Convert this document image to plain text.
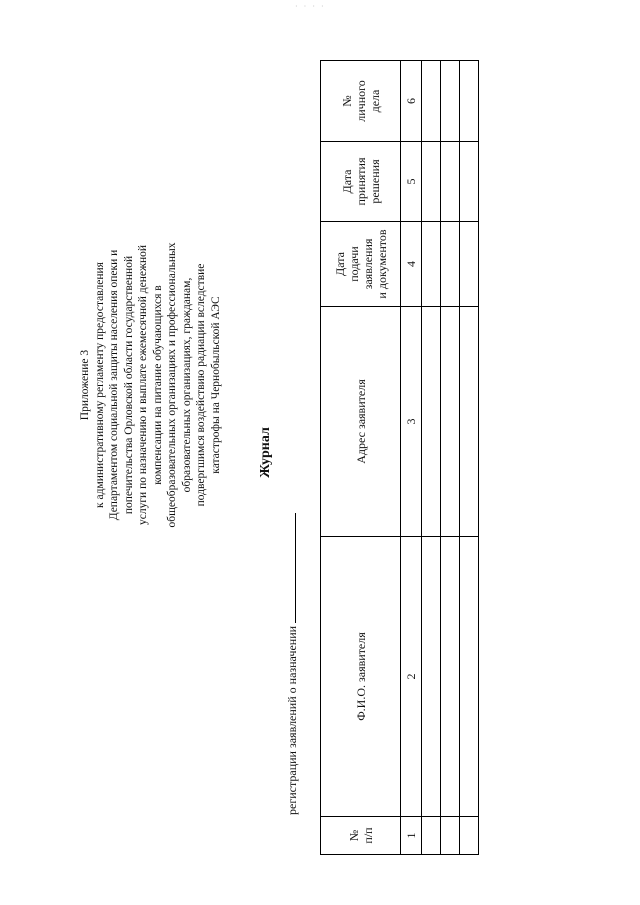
· · · ·
Приложение 3 к административному регламенту предоставления Департаментом социальной защиты населения опеки и попечительства Орловской области государственной услуги по назначению и выплате ежемесячной денежной компенсации на питание обучающихся в общеобразовательных организациях и профессиональных образовательных организациях, гражданам, подвергшимся воздействию радиации вследствие катастрофы на Чернобыльской АЭС	Журнал
регистрации заявлений о назначении
№
п/п	Ф.И.О. заявителя	Адрес заявителя	Дата
подачи
заявления
и документов	Дата
принятия
решения	№
личного
дела
1	2	3	4	5	6
